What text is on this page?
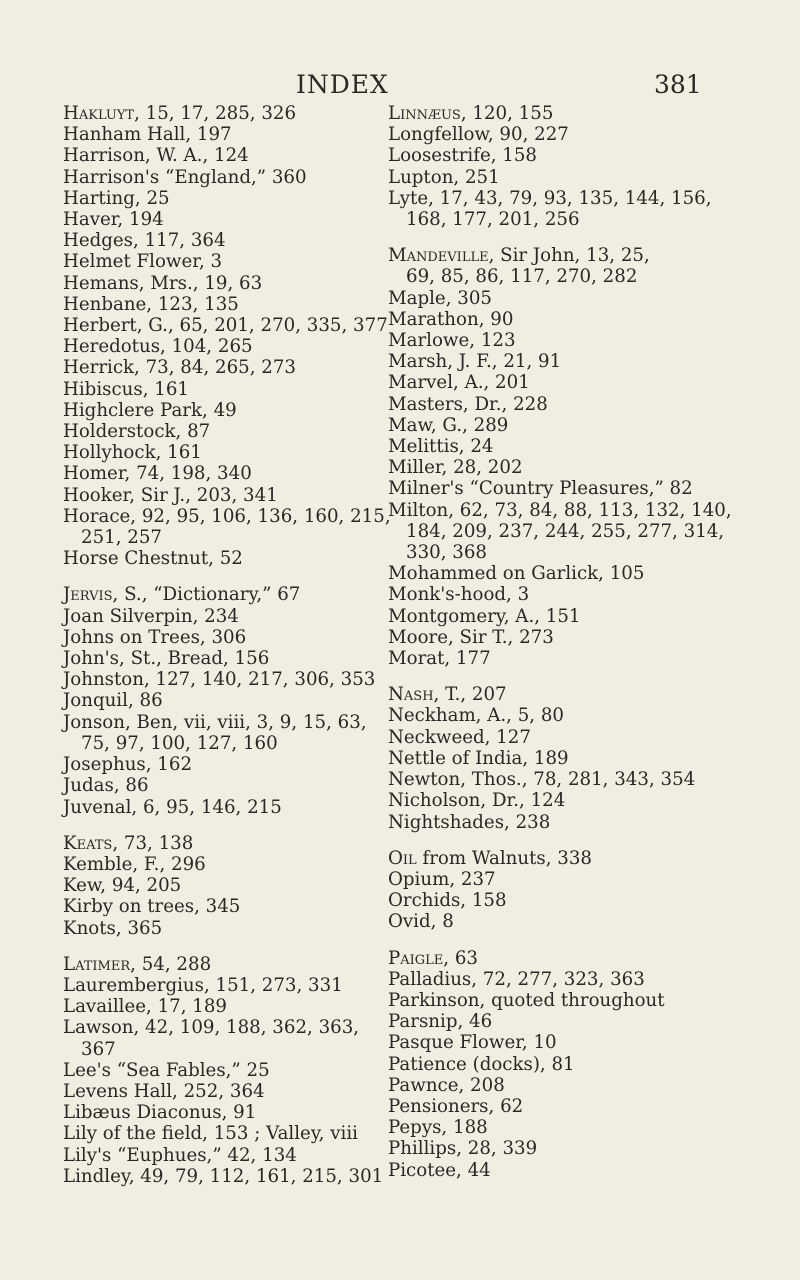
INDEX	381
Hakluyt, 15, 17, 285, 326
Hanham Hall, 197
Harrison, W. A., 124
Harrison's “England,” 360
Harting, 25
Haver, 194
Hedges, 117, 364
Helmet Flower, 3
Hemans, Mrs., 19, 63
Henbane, 123, 135
Herbert, G., 65, 201, 270, 335, 377
Heredotus, 104, 265
Herrick, 73, 84, 265, 273
Hibiscus, 161
Highclere Park, 49
Holderstock, 87
Hollyhock, 161
Homer, 74, 198, 340
Hooker, Sir J., 203, 341
Horace, 92, 95, 106, 136, 160, 215,
251, 257
Horse Chestnut, 52
Jervis, S., “Dictionary,” 67
Joan Silverpin, 234
Johns on Trees, 306
John's, St., Bread, 156
Johnston, 127, 140, 217, 306, 353
Jonquil, 86
Jonson, Ben, vii, viii, 3, 9, 15, 63,
75, 97, 100, 127, 160
Josephus, 162
Judas, 86
Juvenal, 6, 95, 146, 215
Keats, 73, 138
Kemble, F., 296
Kew, 94, 205
Kirby on trees, 345
Knots, 365
Latimer, 54, 288
Laurembergius, 151, 273, 331
Lavaillee, 17, 189
Lawson, 42, 109, 188, 362, 363,
367
Lee's “Sea Fables,” 25
Levens Hall, 252, 364
Libæus Diaconus, 91
Lily of the field, 153 ; Valley, viii
Lily's “Euphues,” 42, 134
Lindley, 49, 79, 112, 161, 215, 301
Linnæus, 120, 155
Longfellow, 90, 227
Loosestrife, 158
Lupton, 251
Lyte, 17, 43, 79, 93, 135, 144, 156,
168, 177, 201, 256
Mandeville, Sir John, 13, 25,
69, 85, 86, 117, 270, 282
Maple, 305
Marathon, 90
Marlowe, 123
Marsh, J. F., 21, 91
Marvel, A., 201
Masters, Dr., 228
Maw, G., 289
Melittis, 24
Miller, 28, 202
Milner's “Country Pleasures,” 82
Milton, 62, 73, 84, 88, 113, 132, 140,
184, 209, 237, 244, 255, 277, 314,
330, 368
Mohammed on Garlick, 105
Monk's-hood, 3
Montgomery, A., 151
Moore, Sir T., 273
Morat, 177
Nash, T., 207
Neckham, A., 5, 80
Neckweed, 127
Nettle of India, 189
Newton, Thos., 78, 281, 343, 354
Nicholson, Dr., 124
Nightshades, 238
Oil from Walnuts, 338
Opium, 237
Orchids, 158
Ovid, 8
Paigle, 63
Palladius, 72, 277, 323, 363
Parkinson, quoted throughout
Parsnip, 46
Pasque Flower, 10
Patience (docks), 81
Pawnce, 208
Pensioners, 62
Pepys, 188
Phillips, 28, 339
Picotee, 44
